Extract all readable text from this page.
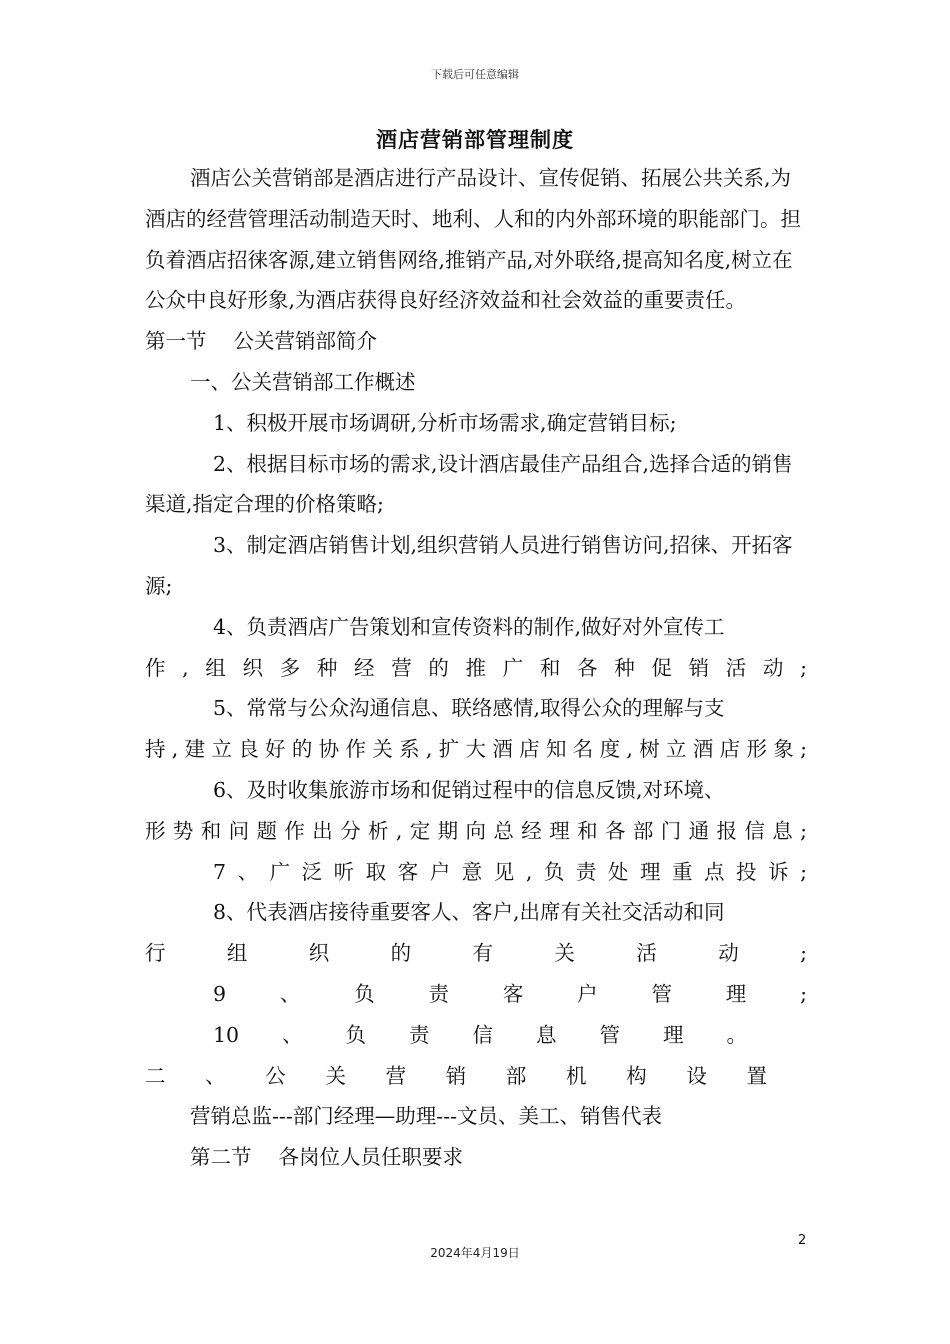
下载后可任意编辑
酒店营销部管理制度

酒店公关营销部是酒店进行产品设计、宣传促销、拓展公共关系,为酒店的经营管理活动制造天时、地利、人和的内外部环境的职能部门。担负着酒店招徕客源,建立销售网络,推销产品,对外联络,提高知名度,树立在公众中良好形象,为酒店获得良好经济效益和社会效益的重要责任。

第一节　 公关营销部简介

一、公关营销部工作概述

1、积极开展市场调研,分析市场需求,确定营销目标;

2、根据目标市场的需求,设计酒店最佳产品组合,选择合适的销售渠道,指定合理的价格策略;

3、制定酒店销售计划,组织营销人员进行销售访问,招徕、开拓客源;

4、负责酒店广告策划和宣传资料的制作,做好对外宣传工
作,组织多种经营的推广和各种促销活动;

5、常常与公众沟通信息、联络感情,取得公众的理解与支
持,建立良好的协作关系,扩大酒店知名度,树立酒店形象;

6、及时收集旅游市场和促销过程中的信息反馈,对环境、
形势和问题作出分析,定期向总经理和各部门通报信息;

7、广泛听取客户意见,负责处理重点投诉;

8、代表酒店接待重要客人、客户,出席有关社交活动和同
行组织的有关活动;

9、负责客户管理;

10、负责信息管理。

二、公关营销部机构设置

营销总监---部门经理—助理---文员、美工、销售代表

第二节　 各岗位人员任职要求

2
2024年4月19日
